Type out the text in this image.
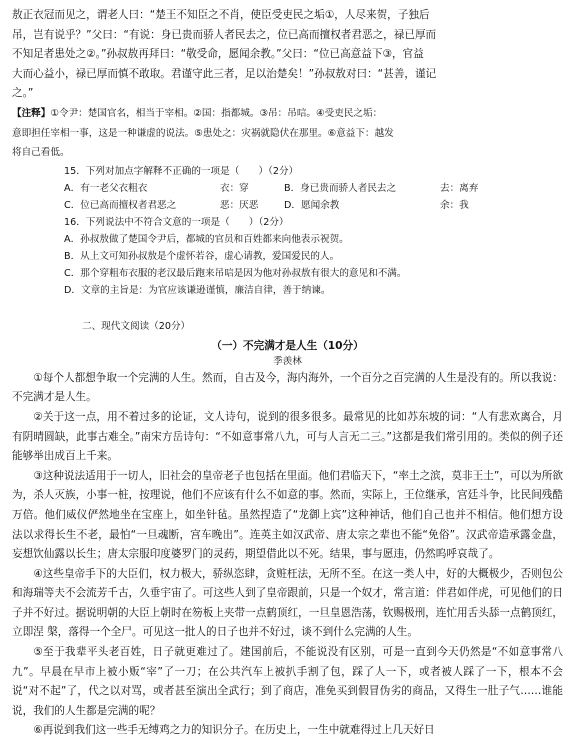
敖正衣冠而见之，谓老人曰：“楚王不知臣之不肖，使臣受吏民之垢①，人尽来贺，子独后

吊，岂有说乎？”父曰：“有说：身已贵而骄人者民去之，位已高而擅权者君恶之，禄已厚而

不知足者患处之②。”孙叔敖再拜曰：“敬受命，愿闻余教。”父曰：“位已高意益下③，官益

大而心益小，禄已厚而慎不敢取。君谨守此三者，足以治楚矣！”孙叔敖对曰：“甚善，谨记

之。”

【注释】①令尹：楚国官名，相当于宰相。②国：指都城。③吊：吊唁。④受吏民之垢：

意即担任宰相一事，这是一种谦虚的说法。⑤患处之：灾祸就隐伏在那里。⑥意益下：越发

将自己看低。

15．下列对加点字解释不正确的一项是（　　）（2分）

A．有一老父衣粗衣	衣：穿	B．身已贵而骄人者民去之	去：离弃
C．位已高而擅权者君恶之	恶：厌恶	D．愿闻余教	余：我

16．下列说法中不符合文意的一项是（　　）（2分）

A．孙叔敖做了楚国令尹后，都城的官员和百姓都来向他表示祝贺。

B．从上文可知孙叔敖是个虚怀若谷，虚心请教，爱国爱民的人。

C．那个穿粗布衣服的老汉最后跑来吊唁是因为他对孙叔敖有很大的意见和不满。

D．文章的主旨是：为官应该谦逊谨慎，廉洁自律，善于纳谏。

二、现代文阅读（20分）

（一）不完满才是人生（10分）

季羡林

①每个人都想争取一个完满的人生。然而，自古及今，海内海外，一个百分之百完满的人生是没有的。所以我说：不完满才是人生。

②关于这一点，用不着过多的论证，文人诗句，说到的很多很多。最常见的比如苏东坡的词：“人有悲欢离合，月有阴晴圆缺，此事古难全。”南宋方岳诗句：“不如意事常八九，可与人言无二三。”这都是我们常引用的。类似的例子还能够举出成百上千来。

③这种说法适用于一切人，旧社会的皇帝老子也包括在里面。他们君临天下，“率土之滨，莫非王土”，可以为所欲为，杀人灭族，小事一桩，按理说，他们不应该有什么不如意的事。然而，实际上，王位继承，宫廷斗争，比民间残酷万倍。他们威仪俨然地坐在宝座上，如坐针毡。虽然捏造了“龙御上宾”这种神话，他们自己也并不相信。他们想方设法以求得长生不老，最怕“一旦魂断，宫车晚出”。连英主如汉武帝、唐太宗之辈也不能“免俗”。汉武帝造承露金盘，妄想饮仙露以长生；唐太宗服印度婆罗门的灵药，期望借此以不死。结果，事与愿违，仍然呜呼哀哉了。

④这些皇帝手下的大臣们，权力极大，骄纵恣肆，贪赃枉法，无所不至。在这一类人中，好的大概极少，否则包公和海瑞等夫不会流芳千古，久垂宇宙了。可这些人到了皇帝跟前，只是一个奴才，常言道：伴君如伴虎，可见他们的日子并不好过。据说明朝的大臣上朝时在笏板上夹带一点鹤顶红，一旦皇恩浩荡，钦赐极刑，连忙用舌头舔一点鹤顶红，立即涅 槃，落得一个全尸。可见这一批人的日子也并不好过，谈不到什么完满的人生。

⑤至于我辈平头老百姓，日子就更难过了。建国前后，不能说没有区别，可是一直到今天仍然是“不如意事常八九”。早晨在早市上被小贩“宰”了一刀；在公共汽车上被扒手割了包，踩了人一下，或者被人踩了一下，根本不会说“对不起”了，代之以对骂，或者甚至演出全武行；到了商店，准免买到假冒伪劣的商品，又得生一肚子气……谁能说，我们的人生都是完满的呢？

⑥再说到我们这一些手无缚鸡之力的知识分子。在历史上，一生中就难得过上几天好日
